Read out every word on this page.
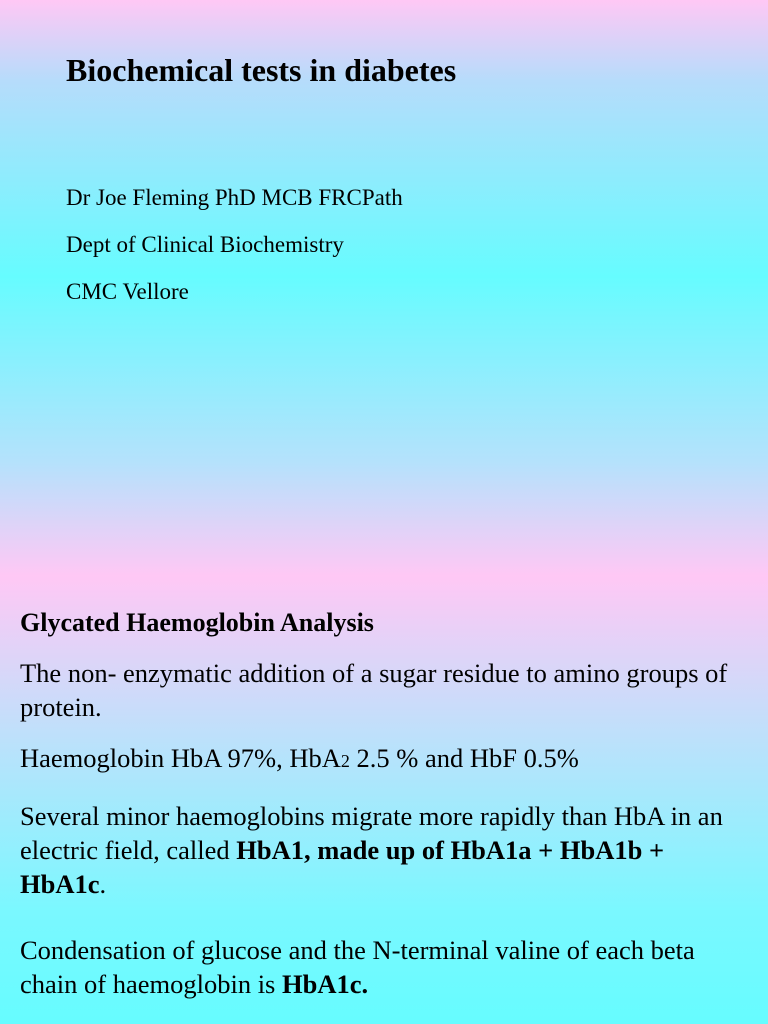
Biochemical tests in diabetes
Dr Joe Fleming PhD MCB FRCPath
Dept of Clinical Biochemistry
CMC Vellore
Glycated Haemoglobin Analysis
The non- enzymatic addition of a sugar residue to amino groups of protein.
Haemoglobin HbA 97%, HbA2 2.5 % and HbF 0.5%
Several minor haemoglobins migrate more rapidly than HbA in an electric field, called HbA1, made up of HbA1a + HbA1b + HbA1c.
Condensation of glucose and the N-terminal valine of each beta chain of haemoglobin is HbA1c.
